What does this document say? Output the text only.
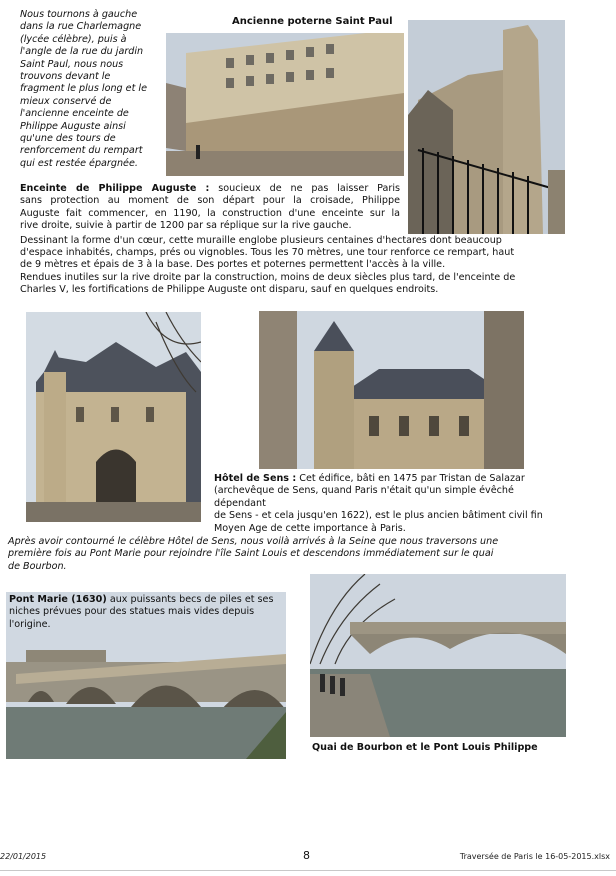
Nous tournons à gauche
dans la rue Charlemagne
(lycée célèbre), puis à
l'angle de la rue du jardin
Saint Paul, nous nous
trouvons devant le
fragment le plus long et le
mieux conservé de
l'ancienne enceinte de
Philippe Auguste ainsi
qu'une des tours de
renforcement du rempart
qui est restée épargnée.
Ancienne poterne Saint Paul
Enceinte de Philippe Auguste : soucieux de ne pas laisser Paris
sans protection au moment de son départ pour la croisade, Philippe
Auguste fait commencer, en 1190, la construction d'une enceinte sur la
rive droite, suivie à partir de 1200 par sa réplique sur la rive gauche.
Dessinant la forme d'un cœur, cette muraille englobe plusieurs centaines d'hectares dont beaucoup
d'espace inhabités, champs, prés ou vignobles. Tous les 70 mètres, une tour renforce ce rempart, haut
de 9 mètres et épais de 3 à la base. Des portes et poternes permettent l'accès à la ville.
Rendues inutiles sur la rive droite par la construction, moins de deux siècles plus tard, de l'enceinte de
Charles V, les fortifications de Philippe Auguste ont disparu, sauf en quelques endroits.
Hôtel de Sens : Cet édifice, bâti en 1475 par Tristan de Salazar
(archevêque de Sens, quand Paris n'était qu'un simple évêché dépendant
de Sens - et cela jusqu'en 1622), est le plus ancien bâtiment civil fin
Moyen Age de cette importance à Paris.
Après avoir contourné le célèbre Hôtel de Sens, nous voilà arrivés à la Seine que nous traversons une
première fois au Pont Marie pour rejoindre l'île Saint Louis et descendons immédiatement sur le quai
de Bourbon.
Pont Marie (1630) aux puissants becs de piles et ses
niches prévues pour des statues mais vides depuis
l'origine.
Quai de Bourbon et le Pont Louis Philippe
22/01/2015	8	Traversée de Paris le 16-05-2015.xlsx
